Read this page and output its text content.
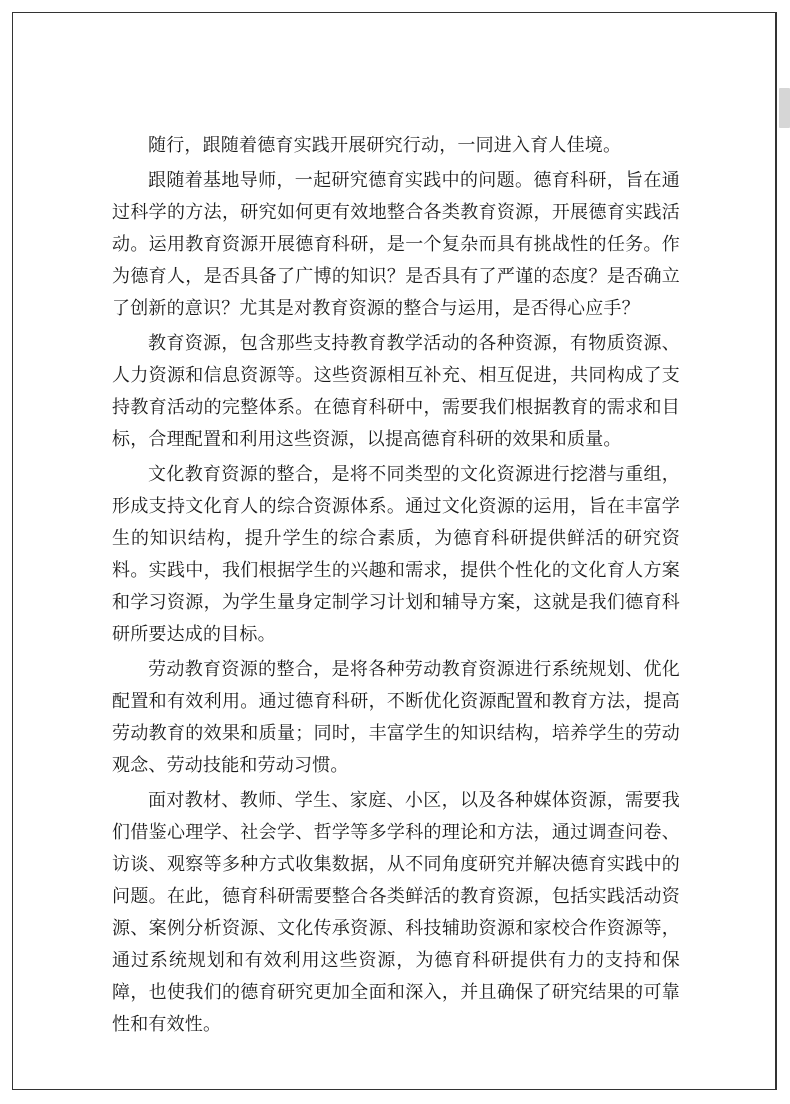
随行，跟随着德育实践开展研究行动，一同进入育人佳境。

跟随着基地导师，一起研究德育实践中的问题。德育科研，旨在通过科学的方法，研究如何更有效地整合各类教育资源，开展德育实践活动。运用教育资源开展德育科研，是一个复杂而具有挑战性的任务。作为德育人，是否具备了广博的知识？是否具有了严谨的态度？是否确立了创新的意识？尤其是对教育资源的整合与运用，是否得心应手？

教育资源，包含那些支持教育教学活动的各种资源，有物质资源、人力资源和信息资源等。这些资源相互补充、相互促进，共同构成了支持教育活动的完整体系。在德育科研中，需要我们根据教育的需求和目标，合理配置和利用这些资源，以提高德育科研的效果和质量。

文化教育资源的整合，是将不同类型的文化资源进行挖潜与重组，形成支持文化育人的综合资源体系。通过文化资源的运用，旨在丰富学生的知识结构，提升学生的综合素质，为德育科研提供鲜活的研究资料。实践中，我们根据学生的兴趣和需求，提供个性化的文化育人方案和学习资源，为学生量身定制学习计划和辅导方案，这就是我们德育科研所要达成的目标。

劳动教育资源的整合，是将各种劳动教育资源进行系统规划、优化配置和有效利用。通过德育科研，不断优化资源配置和教育方法，提高劳动教育的效果和质量；同时，丰富学生的知识结构，培养学生的劳动观念、劳动技能和劳动习惯。

面对教材、教师、学生、家庭、小区，以及各种媒体资源，需要我们借鉴心理学、社会学、哲学等多学科的理论和方法，通过调查问卷、访谈、观察等多种方式收集数据，从不同角度研究并解决德育实践中的问题。在此，德育科研需要整合各类鲜活的教育资源，包括实践活动资源、案例分析资源、文化传承资源、科技辅助资源和家校合作资源等，通过系统规划和有效利用这些资源，为德育科研提供有力的支持和保障，也使我们的德育研究更加全面和深入，并且确保了研究结果的可靠性和有效性。
